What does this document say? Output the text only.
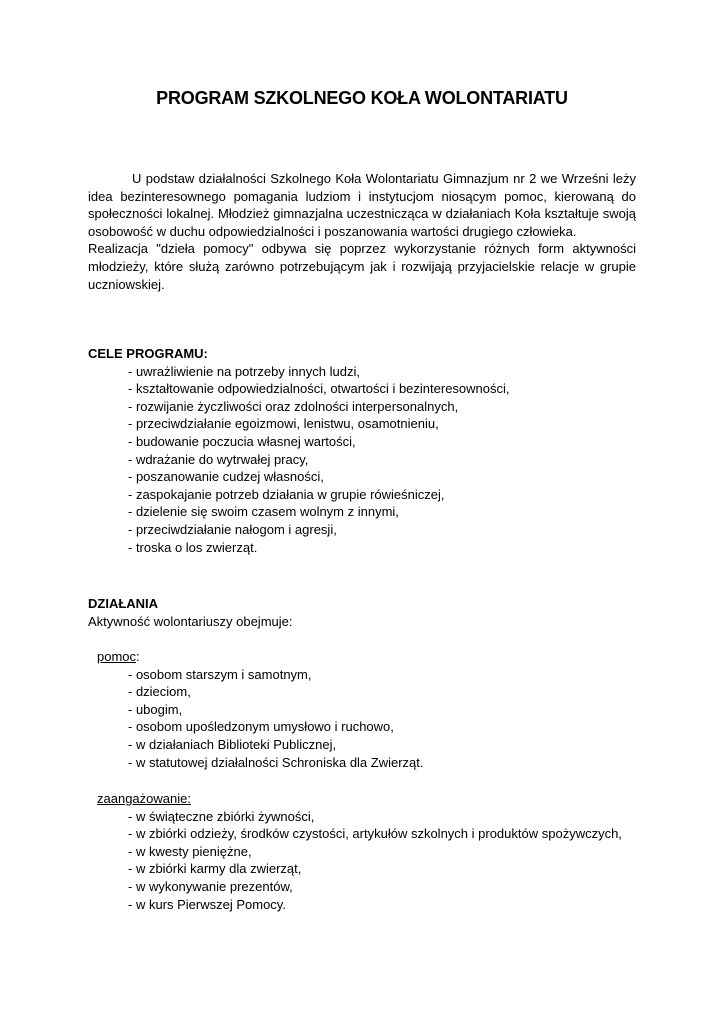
PROGRAM SZKOLNEGO KOŁA WOLONTARIATU

U podstaw działalności Szkolnego Koła Wolontariatu Gimnazjum nr 2 we Wrześni leży idea bezinteresownego pomagania ludziom i instytucjom niosącym pomoc, kierowaną do społeczności lokalnej. Młodzież gimnazjalna uczestnicząca w działaniach Koła kształtuje swoją osobowość w duchu odpowiedzialności i poszanowania wartości drugiego człowieka.

Realizacja "dzieła pomocy" odbywa się poprzez wykorzystanie różnych form aktywności młodzieży, które służą zarówno potrzebującym jak i rozwijają przyjacielskie relacje w grupie uczniowskiej.

CELE PROGRAMU:

- uwrażliwienie na potrzeby innych ludzi,
- kształtowanie odpowiedzialności, otwartości i bezinteresowności,
- rozwijanie życzliwości oraz zdolności interpersonalnych,
- przeciwdziałanie egoizmowi, lenistwu, osamotnieniu,
- budowanie poczucia własnej wartości,
- wdrażanie do wytrwałej pracy,
- poszanowanie cudzej własności,
- zaspokajanie potrzeb działania w grupie rówieśniczej,
- dzielenie się swoim czasem wolnym z innymi,
- przeciwdziałanie nałogom i agresji,
- troska o los zwierząt.

DZIAŁANIA

Aktywność wolontariuszy obejmuje:

pomoc:

- osobom starszym i samotnym,
- dzieciom,
- ubogim,
- osobom upośledzonym umysłowo i ruchowo,
- w działaniach Biblioteki Publicznej,
- w statutowej działalności Schroniska dla Zwierząt.

zaangażowanie:

- w świąteczne zbiórki żywności,
- w zbiórki odzieży, środków czystości, artykułów szkolnych i produktów spożywczych,
- w kwesty pieniężne,
- w zbiórki karmy dla zwierząt,
- w wykonywanie prezentów,
- w kurs Pierwszej Pomocy.
